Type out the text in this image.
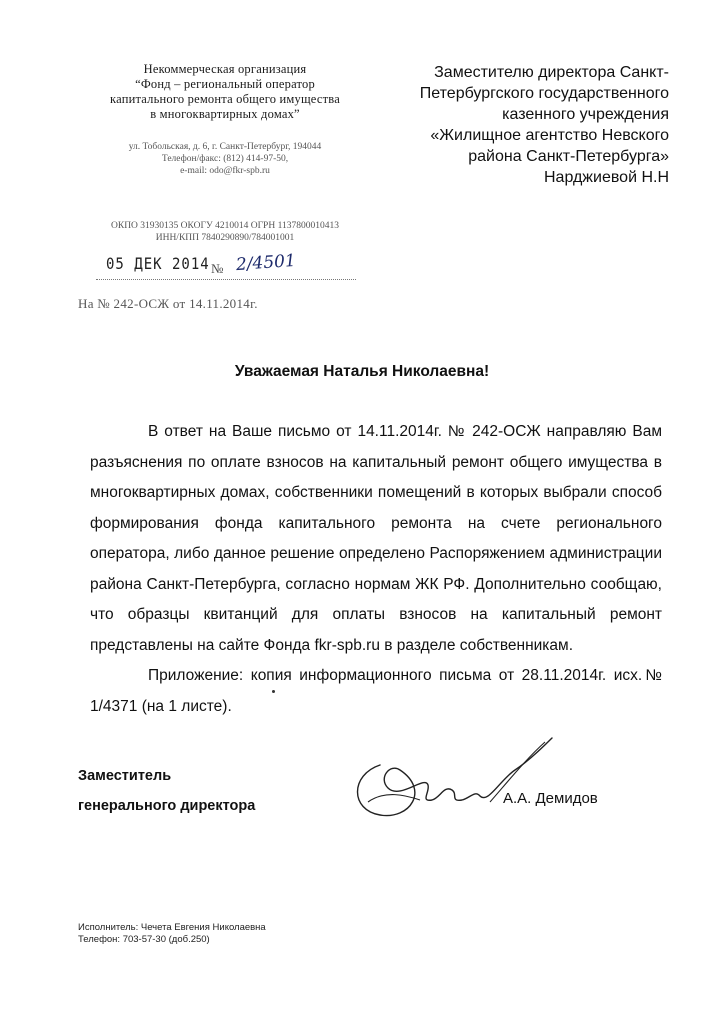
Некоммерческая организация
“Фонд – региональный оператор
капитального ремонта общего имущества
в многоквартирных домах”
ул. Тобольская, д. 6, г. Санкт-Петербург, 194044
Телефон/факс: (812) 414-97-50,
e-mail: odo@fkr-spb.ru
ОКПО 31930135 ОКОГУ 4210014 ОГРН 1137800010413
ИНН/КПП 7840290890/784001001
05 ДЕК 2014 № 2/4501
На № 242-ОСЖ от 14.11.2014г.
Заместителю директора Санкт-
Петербургского государственного
казенного учреждения
«Жилищное агентство Невского
района Санкт-Петербурга»
Нарджиевой Н.Н
Уважаемая Наталья Николаевна!

В ответ на Ваше письмо от 14.11.2014г. № 242-ОСЖ направляю Вам разъяснения по оплате взносов на капитальный ремонт общего имущества в многоквартирных домах, собственники помещений в которых выбрали способ формирования фонда капитального ремонта на счете регионального оператора, либо данное решение определено Распоряжением администрации района Санкт-Петербурга, согласно нормам ЖК РФ. Дополнительно сообщаю, что образцы квитанций для оплаты взносов на капитальный ремонт представлены на сайте Фонда fkr-spb.ru в разделе собственникам.

Приложение: копия информационного письма от 28.11.2014г. исх.№ 1/4371 (на 1 листе).

Заместитель
генерального директора	А.А. Демидов
Исполнитель: Чечета Евгения Николаевна
Телефон: 703-57-30 (доб.250)
